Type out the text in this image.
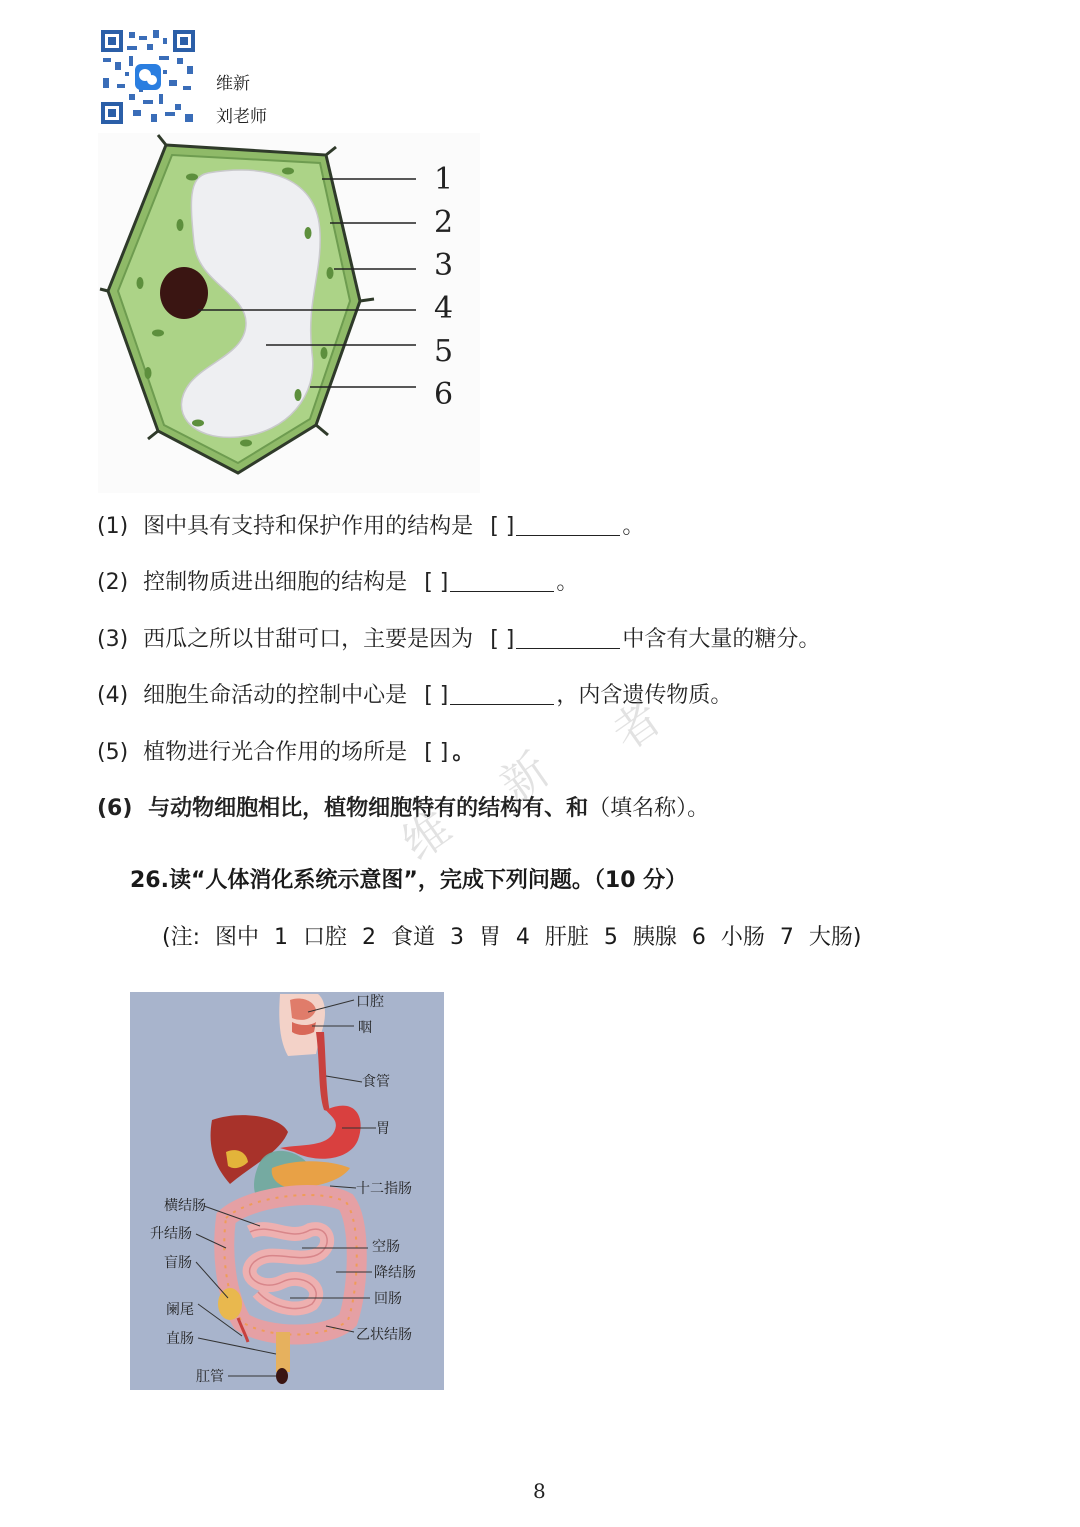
维新
刘老师
1
2
3
4
5
6
(1) 图中具有支持和保护作用的结构是 [ ]	。
(2) 控制物质进出细胞的结构是 [ ]	。
(3) 西瓜之所以甘甜可口，主要是因为 [ ]	中含有大量的糖分。
(4) 细胞生命活动的控制中心是 [ ]	，内含遗传物质。
(5) 植物进行光合作用的场所是 [ ] 。
(6) 与动物细胞相比，植物细胞特有的结构有、和（填名称）。
维
新
者
26.读“人体消化系统示意图”，完成下列问题。（10 分）
(注: 图中 1 口腔 2 食道 3 胃 4 肝脏 5 胰腺 6 小肠 7 大肠)
口腔
咽
食管
胃
十二指肠
横结肠
升结肠
盲肠
空肠
降结肠
回肠
阑尾
直肠	乙状结肠
肛管
8
